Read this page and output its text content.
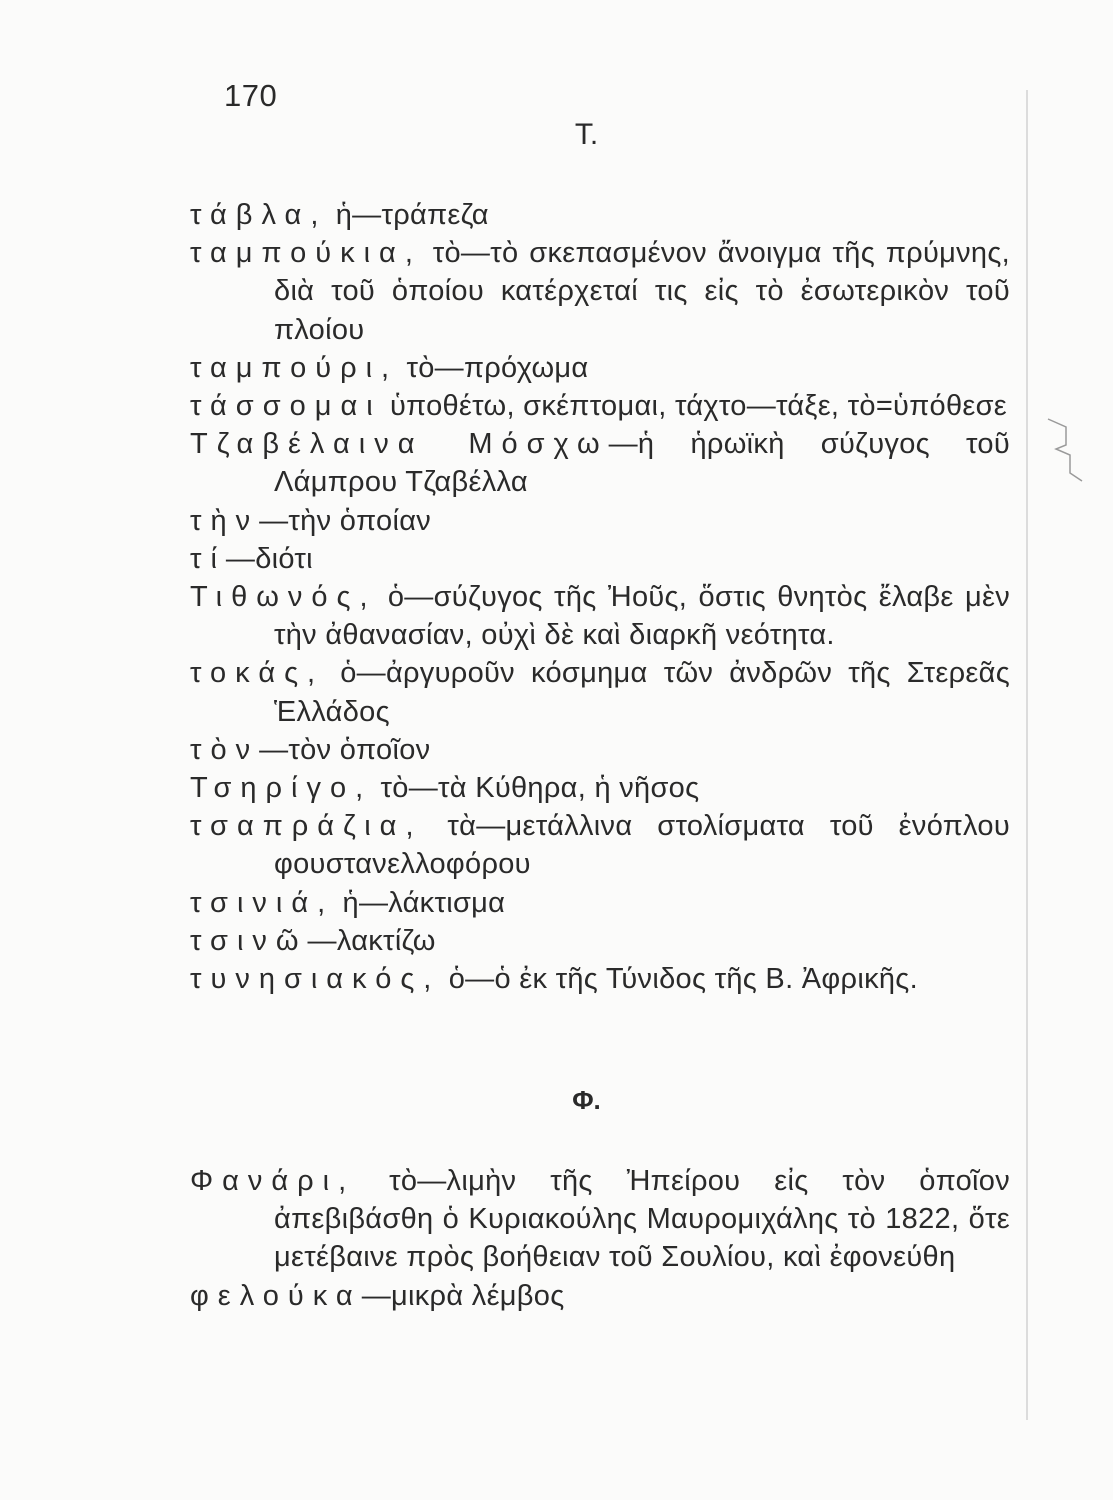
170
Τ.

τάβλα, ἡ—τράπεζα

ταμπούκια, τὸ—τὸ σκεπασμένον ἄνοιγμα τῆς πρύμνης, διὰ τοῦ ὁποίου κατέρχεταί τις εἰς τὸ ἐσωτερικὸν τοῦ πλοίου

ταμπούρι, τὸ—πρόχωμα

τάσσομαι ὑποθέτω, σκέπτομαι, τάχτο—τάξε, τὸ=ὑπόθεσε

Τζαβέλαινα Μόσχω—ἡ ἡρωϊκὴ σύζυγος τοῦ Λάμπρου Τζαβέλλα

τὴν—τὴν ὁποίαν

τί—διότι

Τιθωνός, ὁ—σύζυγος τῆς Ἠοῦς, ὅστις θνητὸς ἔλαβε μὲν τὴν ἀθανασίαν, οὐχὶ δὲ καὶ διαρκῆ νεότητα.

τοκάς, ὁ—ἀργυροῦν κόσμημα τῶν ἀνδρῶν τῆς Στερεᾶς Ἑλλάδος

τὸν—τὸν ὁποῖον

Τσηρίγο, τὸ—τὰ Κύθηρα, ἡ νῆσος

τσαπράζια, τὰ—μετάλλινα στολίσματα τοῦ ἐνόπλου φουστανελλοφόρου

τσινιά, ἡ—λάκτισμα

τσινῶ—λακτίζω

τυνησιακός, ὁ—ὁ ἐκ τῆς Τύνιδος τῆς Β. Ἀφρικῆς.

Φ.

Φανάρι, τὸ—λιμὴν τῆς Ἠπείρου εἰς τὸν ὁποῖον ἀπεβιβάσθη ὁ Κυριακούλης Μαυρομιχάλης τὸ 1822, ὅτε μετέβαινε πρὸς βοήθειαν τοῦ Σουλίου, καὶ ἐφονεύθη

φελούκα—μικρὰ λέμβος
